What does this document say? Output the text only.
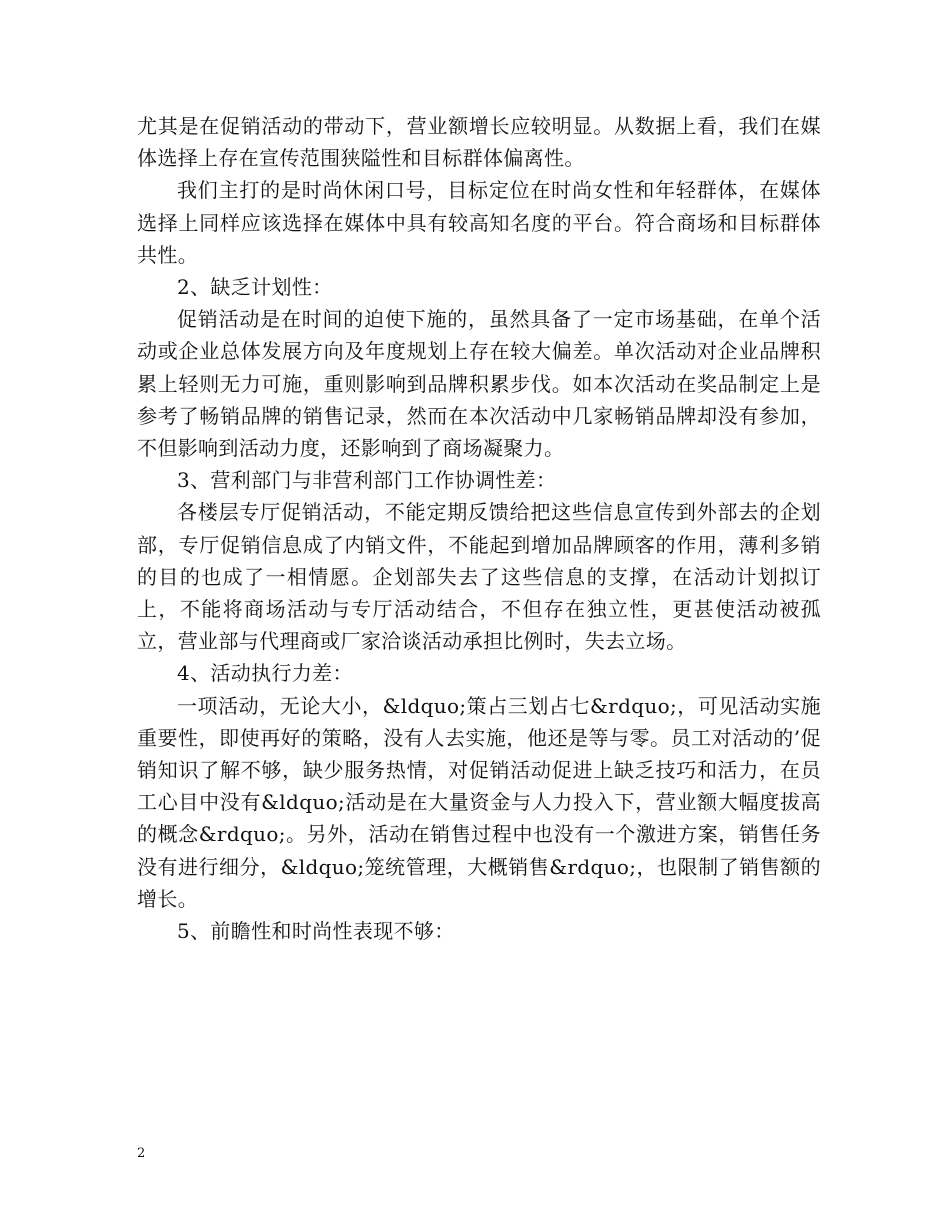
尤其是在促销活动的带动下，营业额增长应较明显。从数据上看，我们在媒体选择上存在宣传范围狭隘性和目标群体偏离性。

我们主打的是时尚休闲口号，目标定位在时尚女性和年轻群体，在媒体选择上同样应该选择在媒体中具有较高知名度的平台。符合商场和目标群体共性。

2、缺乏计划性：

促销活动是在时间的迫使下施的，虽然具备了一定市场基础，在单个活动或企业总体发展方向及年度规划上存在较大偏差。单次活动对企业品牌积累上轻则无力可施，重则影响到品牌积累步伐。如本次活动在奖品制定上是参考了畅销品牌的销售记录，然而在本次活动中几家畅销品牌却没有参加，不但影响到活动力度，还影响到了商场凝聚力。

3、营利部门与非营利部门工作协调性差：

各楼层专厅促销活动，不能定期反馈给把这些信息宣传到外部去的企划部，专厅促销信息成了内销文件，不能起到增加品牌顾客的作用，薄利多销的目的也成了一相情愿。企划部失去了这些信息的支撑，在活动计划拟订上，不能将商场活动与专厅活动结合，不但存在独立性，更甚使活动被孤立，营业部与代理商或厂家洽谈活动承担比例时，失去立场。

4、活动执行力差：

一项活动，无论大小，&ldquo;策占三划占七&rdquo;，可见活动实施重要性，即使再好的策略，没有人去实施，他还是等与零。员工对活动的’促销知识了解不够，缺少服务热情，对促销活动促进上缺乏技巧和活力，在员工心目中没有&ldquo;活动是在大量资金与人力投入下，营业额大幅度拔高的概念&rdquo;。另外，活动在销售过程中也没有一个激进方案，销售任务没有进行细分，&ldquo;笼统管理，大概销售&rdquo;，也限制了销售额的增长。

5、前瞻性和时尚性表现不够：

2
